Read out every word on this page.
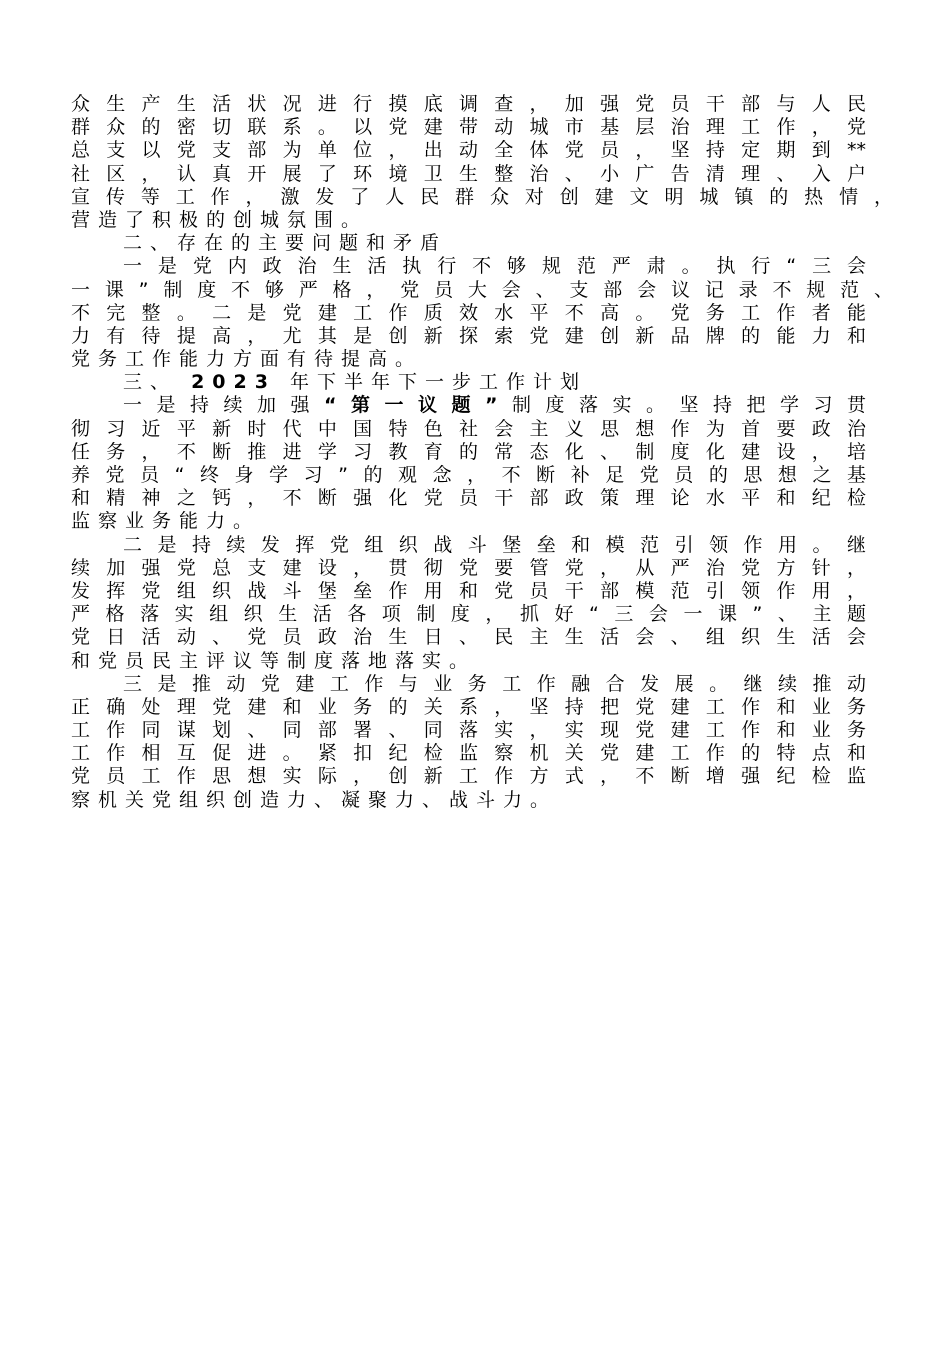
众生产生活状况进行摸底调查，加强党员干部与人民
群众的密切联系。以党建带动城市基层治理工作，党
总支以党支部为单位，出动全体党员，坚持定期到**
社区，认真开展了环境卫生整治、小广告清理、入户
宣传等工作，激发了人民群众对创建文明城镇的热情，
营造了积极的创城氛围。
二、存在的主要问题和矛盾
一是党内政治生活执行不够规范严肃。执行“三会
一课”制度不够严格，党员大会、支部会议记录不规范、
不完整。二是党建工作质效水平不高。党务工作者能
力有待提高，尤其是创新探索党建创新品牌的能力和
党务工作能力方面有待提高。
三、 2023 年下半年下一步工作计划
一是持续加强“第一议题”制度落实。坚持把学习贯
彻习近平新时代中国特色社会主义思想作为首要政治
任务，不断推进学习教育的常态化、制度化建设，培
养党员“终身学习”的观念，不断补足党员的思想之基
和精神之钙，不断强化党员干部政策理论水平和纪检
监察业务能力。
二是持续发挥党组织战斗堡垒和模范引领作用。继
续加强党总支建设，贯彻党要管党，从严治党方针，
发挥党组织战斗堡垒作用和党员干部模范引领作用，
严格落实组织生活各项制度，抓好“三会一课”、主题
党日活动、党员政治生日、民主生活会、组织生活会
和党员民主评议等制度落地落实。
三是推动党建工作与业务工作融合发展。继续推动
正确处理党建和业务的关系，坚持把党建工作和业务
工作同谋划、同部署、同落实，实现党建工作和业务
工作相互促进。紧扣纪检监察机关党建工作的特点和
党员工作思想实际，创新工作方式，不断增强纪检监
察机关党组织创造力、凝聚力、战斗力。
